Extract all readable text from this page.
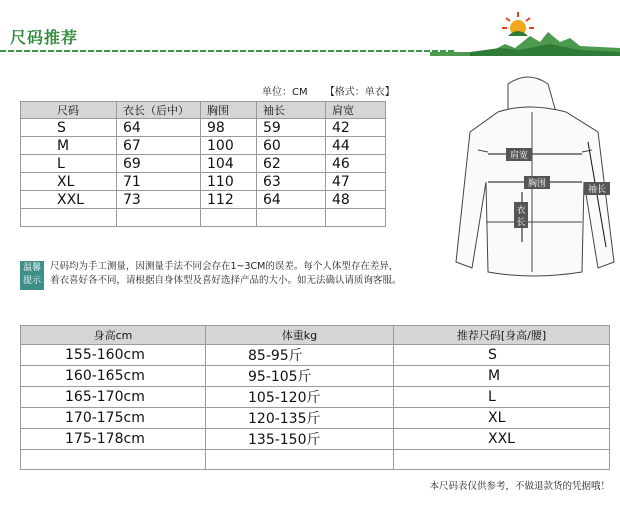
尺码推荐
单位：CM 【格式：单衣】
尺码	衣长（后中）	胸围	袖长	肩宽
S	64	98	59	42
M	67	100	60	44
L	69	104	62	46
XL	71	110	63	47
XXL	73	112	64	48

温馨
提示
尺码均为手工测量，因测量手法不同会存在1~3CM的误差。每个人体型存在差异，
着衣喜好各不同，请根据自身体型及喜好选择产品的大小。如无法确认请质询客服。
肩宽
胸围
袖长
衣
长
身高cm	体重kg	推荐尺码[身高/腰]
155-160cm	85-95斤	S
160-165cm	95-105斤	M
165-170cm	105-120斤	L
170-175cm	120-135斤	XL
175-178cm	135-150斤	XXL

本尺码表仅供参考，不做退款货的凭据哦！
